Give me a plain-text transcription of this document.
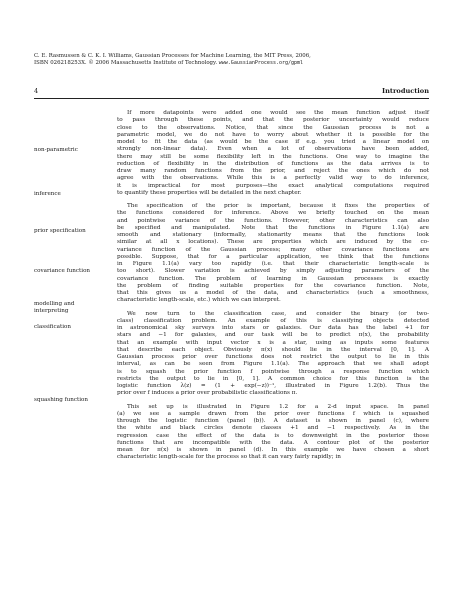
C. E. Rasmussen & C. K. I. Williams, Gaussian Processes for Machine Learning, the MIT Press, 2006,
ISBN 026218253X. © 2006 Massachusetts Institute of Technology. www.GaussianProcess.org/gpml
4	Introduction
non-parametric
inference
prior specification
covariance function
modelling and interpreting
classification
squashing function

If more datapoints were added one would see the mean function adjust itself
to pass through these points, and that the posterior uncertainty would reduce
close to the observations. Notice, that since the Gaussian process is not a
parametric model, we do not have to worry about whether it is possible for the
model to fit the data (as would be the case if e.g. you tried a linear model on
strongly non-linear data). Even when a lot of observations have been added,
there may still be some flexibility left in the functions. One way to imagine the
reduction of flexibility in the distribution of functions as the data arrives is to
draw many random functions from the prior, and reject the ones which do not
agree with the observations. While this is a perfectly valid way to do inference,
it is impractical for most purposes—the exact analytical computations required
to quantify these properties will be detailed in the next chapter.

The specification of the prior is important, because it fixes the properties of
the functions considered for inference. Above we briefly touched on the mean
and pointwise variance of the functions. However, other characteristics can also
be specified and manipulated. Note that the functions in Figure 1.1(a) are
smooth and stationary (informally, stationarity means that the functions look
similar at all x locations). These are properties which are induced by the co-
variance function of the Gaussian process; many other covariance functions are
possible. Suppose, that for a particular application, we think that the functions
in Figure 1.1(a) vary too rapidly (i.e. that their characteristic length-scale is
too short). Slower variation is achieved by simply adjusting parameters of the
covariance function. The problem of learning in Gaussian processes is exactly
the problem of finding suitable properties for the covariance function. Note,
that this gives us a model of the data, and characteristics (such a smoothness,
characteristic length-scale, etc.) which we can interpret.

We now turn to the classification case, and consider the binary (or two-
class) classification problem. An example of this is classifying objects detected
in astronomical sky surveys into stars or galaxies. Our data has the label +1 for
stars and −1 for galaxies, and our task will be to predict π(x), the probability
that an example with input vector x is a star, using as inputs some features
that describe each object. Obviously π(x) should lie in the interval [0, 1]. A
Gaussian process prior over functions does not restrict the output to lie in this
interval, as can be seen from Figure 1.1(a). The approach that we shall adopt
is to squash the prior function f pointwise through a response function which
restricts the output to lie in [0, 1]. A common choice for this function is the
logistic function λ(z) = (1 + exp(−z))⁻¹, illustrated in Figure 1.2(b). Thus the
prior over f induces a prior over probabilistic classifications π.

This set up is illustrated in Figure 1.2 for a 2-d input space. In panel
(a) we see a sample drawn from the prior over functions f which is squashed
through the logistic function (panel (b)). A dataset is shown in panel (c), where
the white and black circles denote classes +1 and −1 respectively. As in the
regression case the effect of the data is to downweight in the posterior those
functions that are incompatible with the data. A contour plot of the posterior
mean for π(x) is shown in panel (d). In this example we have chosen a short
characteristic length-scale for the process so that it can vary fairly rapidly; in
